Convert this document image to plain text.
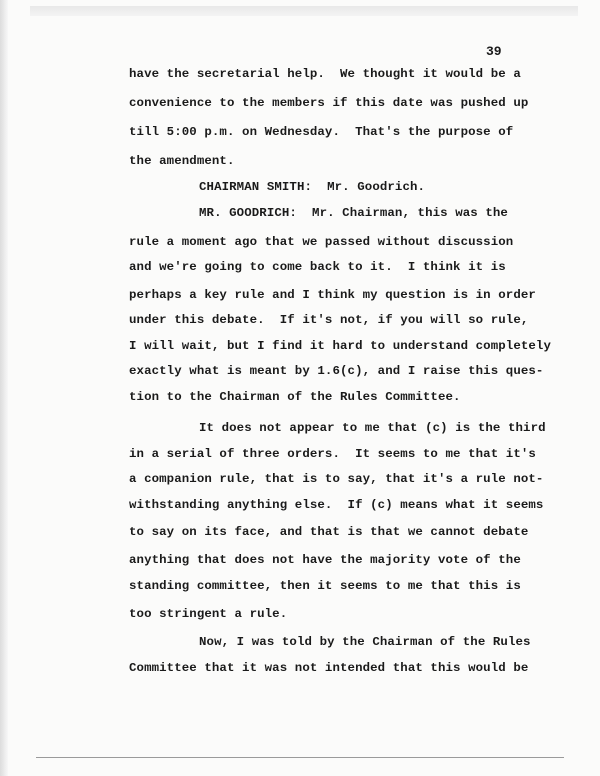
39
have the secretarial help.  We thought it would be a
convenience to the members if this date was pushed up
till 5:00 p.m. on Wednesday.  That's the purpose of
the amendment.
CHAIRMAN SMITH:  Mr. Goodrich.
MR. GOODRICH:  Mr. Chairman, this was the
rule a moment ago that we passed without discussion
and we're going to come back to it.  I think it is
perhaps a key rule and I think my question is in order
under this debate.  If it's not, if you will so rule,
I will wait, but I find it hard to understand completely
exactly what is meant by 1.6(c), and I raise this ques-
tion to the Chairman of the Rules Committee.
It does not appear to me that (c) is the third
in a serial of three orders.  It seems to me that it's
a companion rule, that is to say, that it's a rule not-
withstanding anything else.  If (c) means what it seems
to say on its face, and that is that we cannot debate
anything that does not have the majority vote of the
standing committee, then it seems to me that this is
too stringent a rule.
Now, I was told by the Chairman of the Rules
Committee that it was not intended that this would be
